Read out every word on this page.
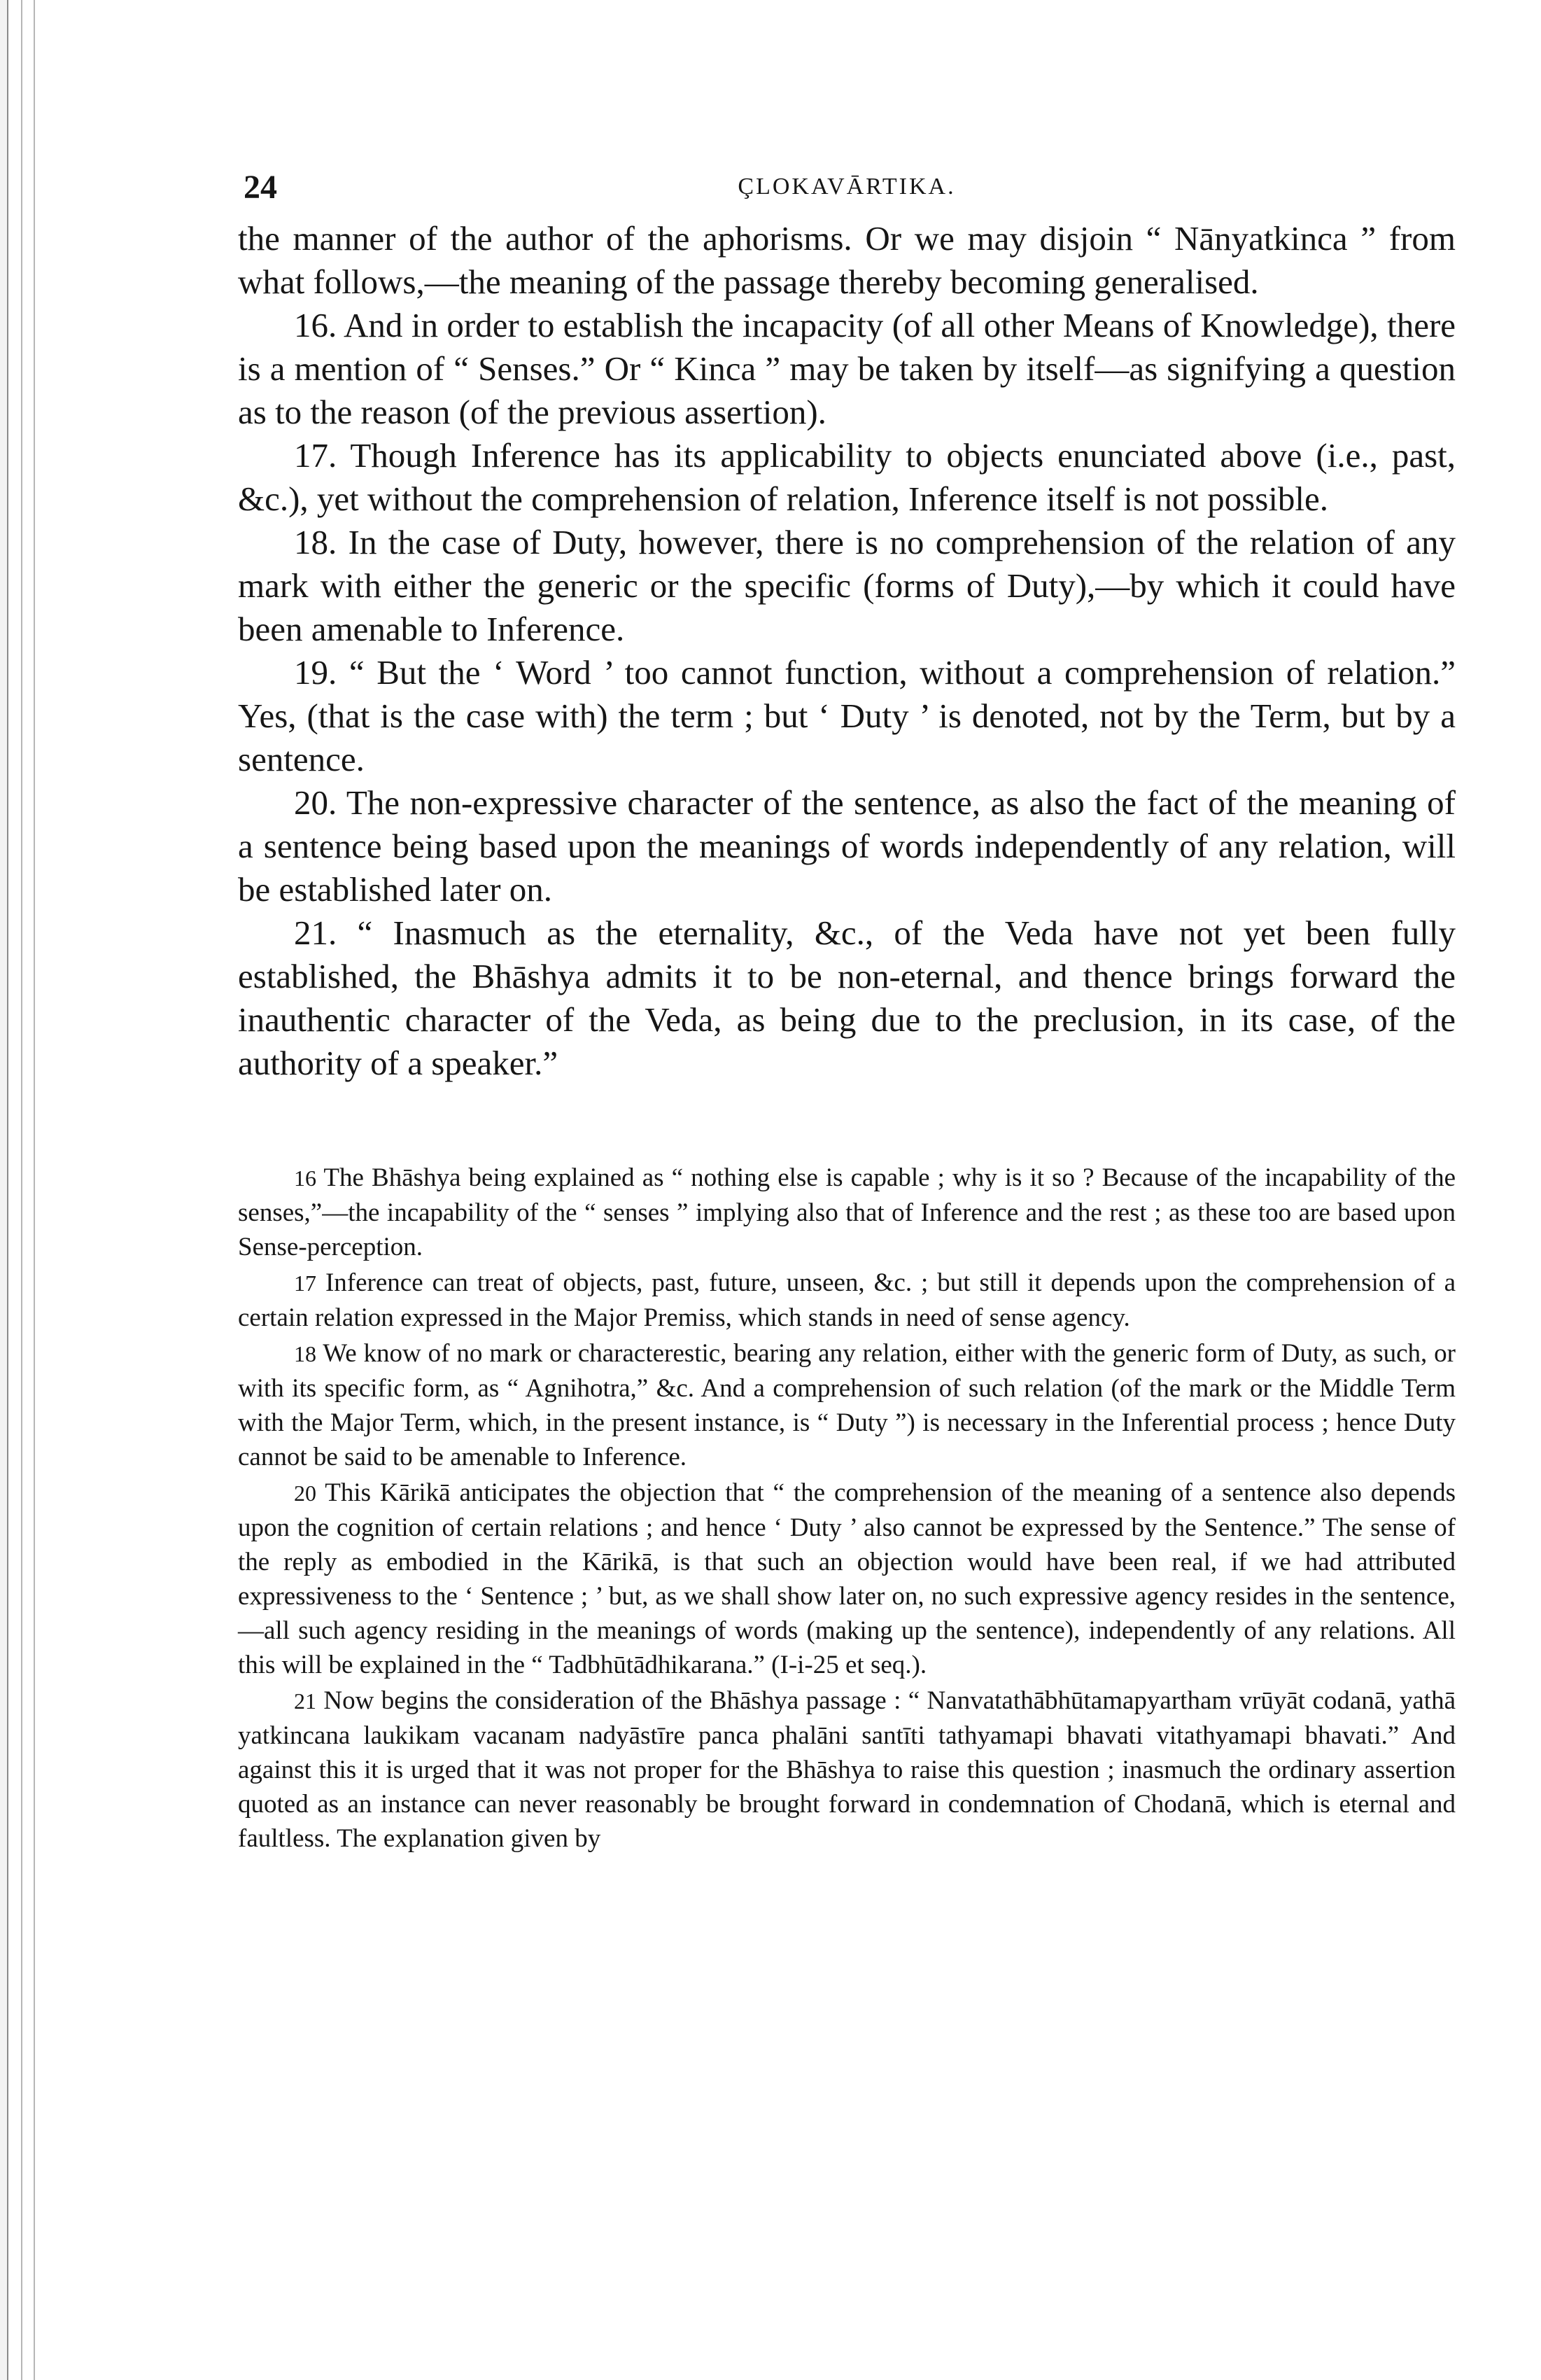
24	ÇLOKAVĀRTIKA.

the manner of the author of the aphorisms. Or we may disjoin “ Nānyatkinca ” from what follows,—the meaning of the passage thereby becoming generalised.

16. And in order to establish the incapacity (of all other Means of Knowledge), there is a mention of “ Senses.” Or “ Kinca ” may be taken by itself—as signifying a question as to the reason (of the previous assertion).

17. Though Inference has its applicability to objects enunciated above (i.e., past, &c.), yet without the comprehension of relation, Inference itself is not possible.

18. In the case of Duty, however, there is no comprehension of the relation of any mark with either the generic or the specific (forms of Duty),—by which it could have been amenable to Inference.

19. “ But the ‘ Word ’ too cannot function, without a comprehension of relation.” Yes, (that is the case with) the term ; but ‘ Duty ’ is denoted, not by the Term, but by a sentence.

20. The non-expressive character of the sentence, as also the fact of the meaning of a sentence being based upon the meanings of words independently of any relation, will be established later on.

21. “ Inasmuch as the eternality, &c., of the Veda have not yet been fully established, the Bhāshya admits it to be non-eternal, and thence brings forward the inauthentic character of the Veda, as being due to the preclusion, in its case, of the authority of a speaker.”

16 The Bhāshya being explained as “ nothing else is capable ; why is it so ? Because of the incapability of the senses,”—the incapability of the “ senses ” implying also that of Inference and the rest ; as these too are based upon Sense-perception.

17 Inference can treat of objects, past, future, unseen, &c. ; but still it depends upon the comprehension of a certain relation expressed in the Major Premiss, which stands in need of sense agency.

18 We know of no mark or characterestic, bearing any relation, either with the generic form of Duty, as such, or with its specific form, as “ Agnihotra,” &c. And a comprehension of such relation (of the mark or the Middle Term with the Major Term, which, in the present instance, is “ Duty ”) is necessary in the Inferential process ; hence Duty cannot be said to be amenable to Inference.

20 This Kārikā anticipates the objection that “ the comprehension of the meaning of a sentence also depends upon the cognition of certain relations ; and hence ‘ Duty ’ also cannot be expressed by the Sentence.” The sense of the reply as embodied in the Kārikā, is that such an objection would have been real, if we had attributed expressiveness to the ‘ Sentence ; ’ but, as we shall show later on, no such expressive agency resides in the sentence,—all such agency residing in the meanings of words (making up the sentence), independently of any relations. All this will be explained in the “ Tadbhūtādhikarana.” (I-i-25 et seq.).

21 Now begins the consideration of the Bhāshya passage : “ Nanvatathābhūtamapyartham vrūyāt codanā, yathā yatkincana laukikam vacanam nadyāstīre panca phalāni santīti tathyamapi bhavati vitathyamapi bhavati.” And against this it is urged that it was not proper for the Bhāshya to raise this question ; inasmuch the ordinary assertion quoted as an instance can never reasonably be brought forward in condemnation of Chodanā, which is eternal and faultless. The explanation given by
